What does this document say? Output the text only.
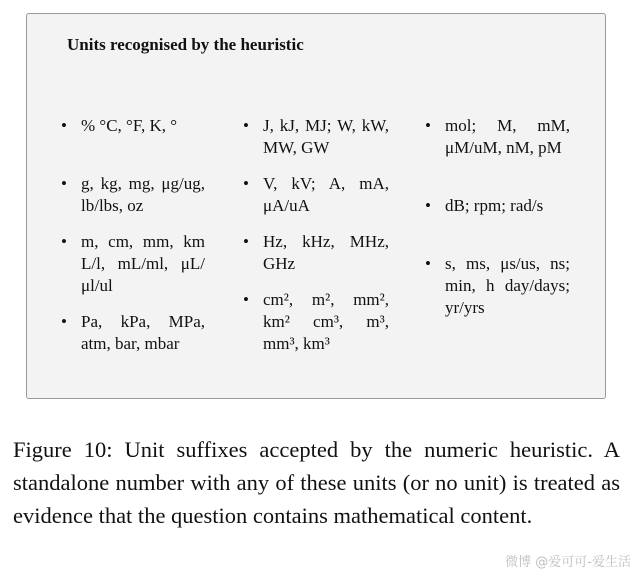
Units recognised by the heuristic
• % °C, °F, K, °
• g, kg, mg, μg/ug, lb/lbs, oz
• m, cm, mm, km L/l, mL/ml, μL/μl/ul
• Pa, kPa, MPa, atm, bar, mbar
• J, kJ, MJ; W, kW, MW, GW
• V, kV; A, mA, μA/uA
• Hz, kHz, MHz, GHz
• cm², m², mm², km² cm³, m³, mm³, km³
• mol; M, mM, μM/uM, nM, pM
• dB; rpm; rad/s
• s, ms, μs/us, ns; min, h day/days; yr/yrs

Figure 10: Unit suffixes accepted by the numeric heuristic. A standalone number with any of these units (or no unit) is treated as evidence that the question contains mathematical content.

微博 @爱可可-爱生活
